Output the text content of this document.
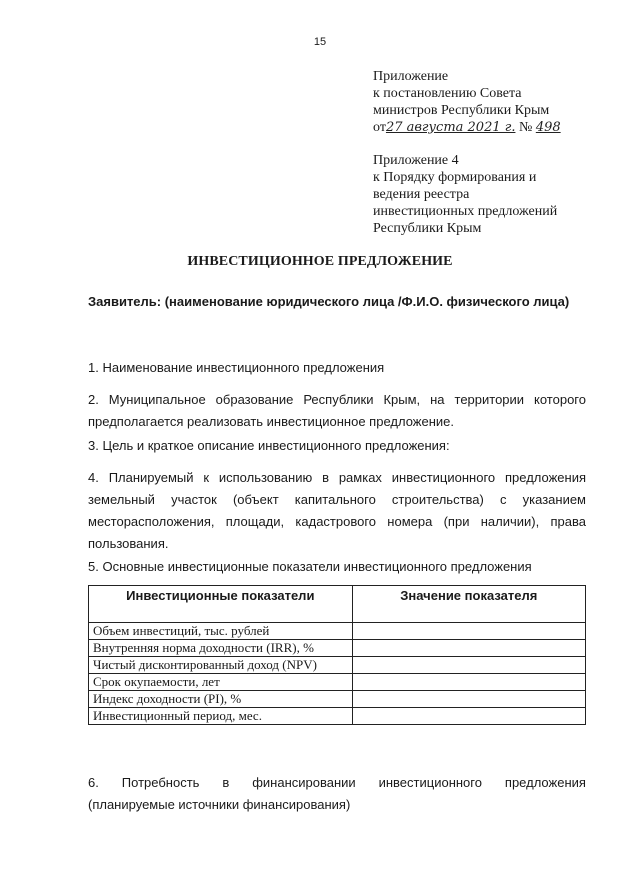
15
Приложение
к постановлению Совета
министров Республики Крым
от27 августа 2021 г. № 498
Приложение 4
к Порядку формирования и
ведения реестра
инвестиционных предложений
Республики Крым
ИНВЕСТИЦИОННОЕ ПРЕДЛОЖЕНИЕ
Заявитель: (наименование юридического лица /Ф.И.О. физического лица)
1. Наименование инвестиционного предложения
2. Муниципальное образование Республики Крым, на территории которого предполагается реализовать инвестиционное предложение.
3. Цель и краткое описание инвестиционного предложения:
4. Планируемый к использованию в рамках инвестиционного предложения земельный участок (объект капитального строительства) с указанием месторасположения, площади, кадастрового номера (при наличии), права пользования.
5. Основные инвестиционные показатели инвестиционного предложения
Инвестиционные показатели	Значение показателя
Объем инвестиций, тыс. рублей	
Внутренняя норма доходности (IRR), %	
Чистый дисконтированный доход (NPV)	
Срок окупаемости, лет	
Индекс доходности (PI), %	
Инвестиционный период, мес.	
6. Потребность в финансировании инвестиционного предложения
(планируемые источники финансирования)
